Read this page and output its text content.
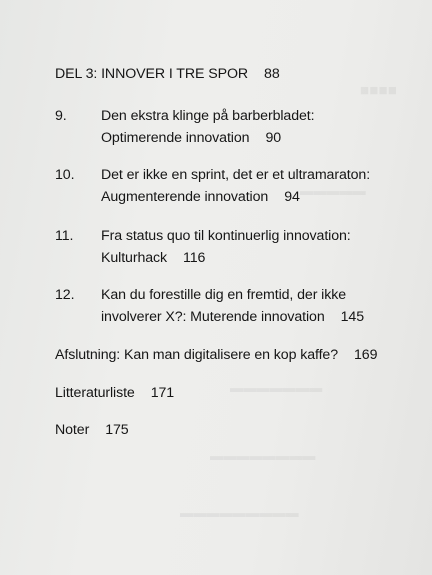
■■■■
▬▬▬▬▬
▬▬▬▬▬▬▬
▬▬▬▬▬▬▬▬
▬▬▬▬▬▬▬▬▬
DEL 3: INNOVER I TRE SPOR 88
9. Den ekstra klinge på barberbladet:
Optimerende innovation 90
10. Det er ikke en sprint, det er et ultramaraton:
Augmenterende innovation 94
11. Fra status quo til kontinuerlig innovation:
Kulturhack 116
12. Kan du forestille dig en fremtid, der ikke
involverer X?: Muterende innovation 145
Afslutning: Kan man digitalisere en kop kaffe? 169
Litteraturliste 171
Noter 175
